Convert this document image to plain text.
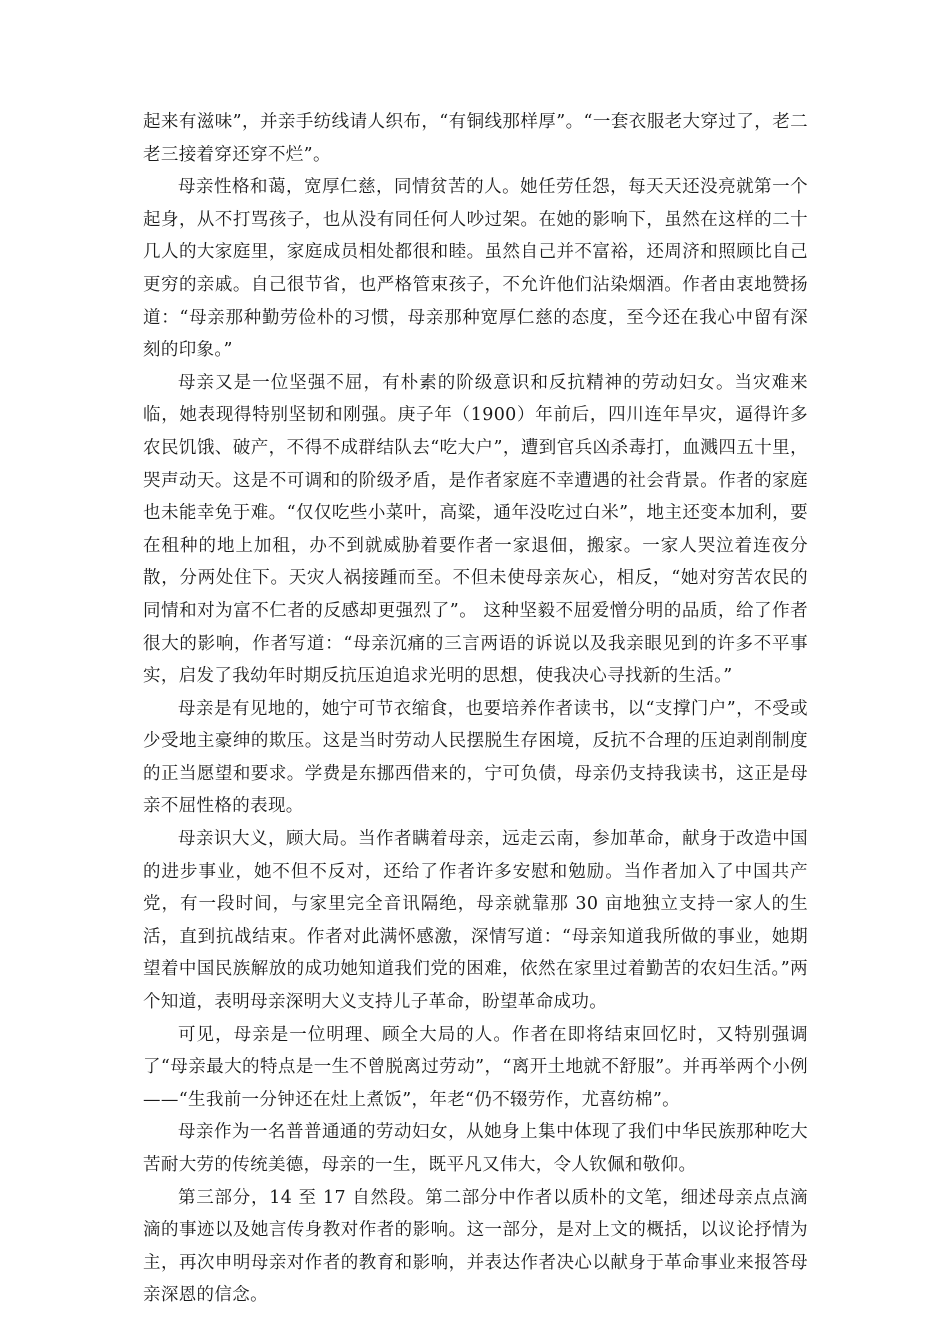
起来有滋味”，并亲手纺线请人织布，“有铜线那样厚”。“一套衣服老大穿过了，老二老三接着穿还穿不烂”。

母亲性格和蔼，宽厚仁慈，同情贫苦的人。她任劳任怨，每天天还没亮就第一个起身，从不打骂孩子，也从没有同任何人吵过架。在她的影响下，虽然在这样的二十几人的大家庭里，家庭成员相处都很和睦。虽然自己并不富裕，还周济和照顾比自己更穷的亲戚。自己很节省，也严格管束孩子，不允许他们沾染烟酒。作者由衷地赞扬道：“母亲那种勤劳俭朴的习惯，母亲那种宽厚仁慈的态度，至今还在我心中留有深刻的印象。”

母亲又是一位坚强不屈，有朴素的阶级意识和反抗精神的劳动妇女。当灾难来临，她表现得特别坚韧和刚强。庚子年（1900）年前后，四川连年旱灾，逼得许多农民饥饿、破产，不得不成群结队去“吃大户”，遭到官兵凶杀毒打，血溅四五十里，哭声动天。这是不可调和的阶级矛盾，是作者家庭不幸遭遇的社会背景。作者的家庭也未能幸免于难。“仅仅吃些小菜叶，高粱，通年没吃过白米”，地主还变本加利，要在租种的地上加租，办不到就威胁着要作者一家退佃，搬家。一家人哭泣着连夜分散，分两处住下。天灾人祸接踵而至。不但未使母亲灰心，相反，“她对穷苦农民的同情和对为富不仁者的反感却更强烈了”。 这种坚毅不屈爱憎分明的品质，给了作者很大的影响，作者写道：“母亲沉痛的三言两语的诉说以及我亲眼见到的许多不平事实，启发了我幼年时期反抗压迫追求光明的思想，使我决心寻找新的生活。”

母亲是有见地的，她宁可节衣缩食，也要培养作者读书，以“支撑门户”，不受或少受地主豪绅的欺压。这是当时劳动人民摆脱生存困境，反抗不合理的压迫剥削制度的正当愿望和要求。学费是东挪西借来的，宁可负债，母亲仍支持我读书，这正是母亲不屈性格的表现。

母亲识大义，顾大局。当作者瞒着母亲，远走云南，参加革命，献身于改造中国的进步事业，她不但不反对，还给了作者许多安慰和勉励。当作者加入了中国共产党，有一段时间，与家里完全音讯隔绝，母亲就靠那 30 亩地独立支持一家人的生活，直到抗战结束。作者对此满怀感激，深情写道：“母亲知道我所做的事业，她期望着中国民族解放的成功她知道我们党的困难，依然在家里过着勤苦的农妇生活。”两个知道，表明母亲深明大义支持儿子革命，盼望革命成功。

可见，母亲是一位明理、顾全大局的人。作者在即将结束回忆时，又特别强调了“母亲最大的特点是一生不曾脱离过劳动”，“离开土地就不舒服”。并再举两个小例——“生我前一分钟还在灶上煮饭”，年老“仍不辍劳作，尤喜纺棉”。

母亲作为一名普普通通的劳动妇女，从她身上集中体现了我们中华民族那种吃大苦耐大劳的传统美德，母亲的一生，既平凡又伟大，令人钦佩和敬仰。

第三部分，14 至 17 自然段。第二部分中作者以质朴的文笔，细述母亲点点滴滴的事迹以及她言传身教对作者的影响。这一部分，是对上文的概括，以议论抒情为主，再次申明母亲对作者的教育和影响，并表达作者决心以献身于革命事业来报答母亲深恩的信念。
